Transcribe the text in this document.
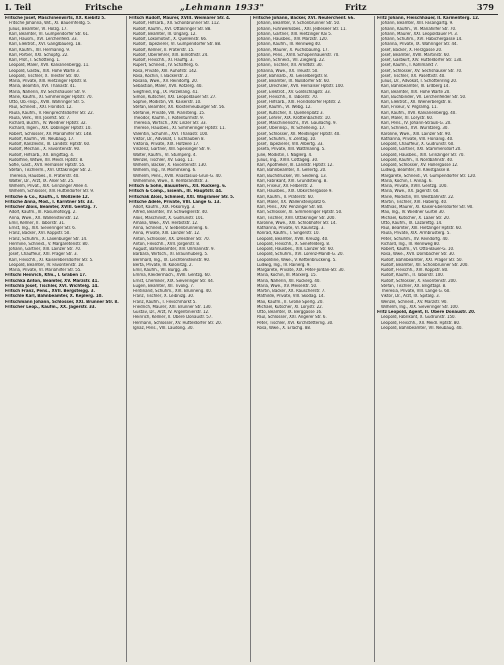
I. Teil	Fritsche	„Lehmann 1933"	Fritz	379
Fritsche Josef, Maschinenwirts, XX. Kiebitz 5.
Fritsche Johanna, Wit., XI. Bauernfeldg. 5.
Julius, Beamter, VI. Holzg. 17.
Karl, Beamter, VI. Gumpendorfer Str. 61.
Karl, Hausm., XVI. Lerchenfeld. 33.
Karl, Elektrot., XVI. Ganglbauerg. 18.
Karl, Kaufm., XII. Hermanng. 9.
Karl, Portier, XXI. Schöpfg. 22.
Karl, Prof., I. Schotteng. 1.
Leopold, Maler, XVII. Kalvarienbergg. 11.
Leopold, Gastw., XIX. Hohe Warte 3.
Leopold, Tischler, X. Triester Str. 40.
Maria, Private, XIII. Hietzinger Hptstr. 8.
Maria, Beamtin, XVI. Thaliastr. 41.
Maria, Näherin, XV. Sechshauser Str. 9.
Marie, Kaufm., XI. Simmeringer Hptstr. 70.
Otto, Ob.-Insp., XVIII. Währinger Str. 5.
Paul, Schneid., XXI. Floridsd. 12.
Paula, Kaufm., V. Reinprechtsdorfer Str. 22.
Paula, Verk., VIII. Josefst. Str. 7.
Richard, Buchh., IV. Wiedner Hptstr. 32.
Richard, Ingen., XIX. Döblinger Hptstr. 10.
Robert, Schlosser, XV. Mariahilfer Str. 148.
Rudolf, Kaufm., VII. Neubaug. 17.
Rudolf, Kanzleidir., III. Landstr. Hptstr. 60.
Rudolf, Mechan., X. Favoritenstr. 90.
Rudolf, Hilfsarb., XX. Brigittag. 4.
Rudolfine, Witwe, XII. Meidl. Hptstr. 8.
Sofie, Gast., XVII. Hernalser Hptstr. 55.
Stefan, Tischlerm., XVI. Ottakringer Str. 2.
Theresia, Hausbes., II. Praterstr. 40.
Walter, Dr., Arzt, IX. Alser Str. 25.
Wilhelm, Privat., XIX. Grinzinger Allee 4.
Wilhelm, Schlosser, XIV. Hütteldorfer Str. 9.
Fritsche & Co., Kaufh., I. Wollzeile 12.
Fritsche Anna, Mod., I. Kärntner Str. 33.
Fritscher Alois, Beamter, XVIII. Gentzg. 7.
Adolf, Kaufm., III. Rasumofskyg. 2.
Anna, Wwe., XX. Wallensteinstr. 12.
Emil, Kellner, II. Taborstr. 31.
Ernst, Ing., XIX. Sieveringer Str. 6.
Franz, Bäcker, XVI. Koppstr. 50.
Franz, Schuhm., X. Laxenburger Str. 14.
Hermine, Schneid., V. Margaretenstr. 80.
Johann, Gärtner, XIII. Lainzer Str. 70.
Josef, Chauffeur, XXI. Prager Str. 3.
Karl, Fleischh., XI. Kaiserebersdorfer Str. 5.
Leopold, Beamter, IV. Favoritenstr. 18.
Maria, Private, VI. Mariahilfer Str. 55.
Fritschi Heinrich, Kfm., I. Graben 17.
Fritschka Anton, Beamter, XV. Märzstr. 41.
Fritschla Josef, Tischler, XVI. Wichtelg. 14.
Fritsch Franz, Pens., XVII. Bergsteigg. 3.
Fritschle Karl, Bahnbeamter, X. Keplerg. 10.
Fritschmann Johann, Schlosser, XXI. Brünner Str. 8.
Fritscher Leop., Kaufm., XX. Jägerstr. 33.
Fritsch Rudolf, Maurer, XVIII. Weimarer Str. 4.
Rudolf, Hilfsarb., XII. Schönbrunner Str. 112.
Rudolf, Kaufm., XVI. Ottakringer Str. 88.
Rudolf, Beamter, III. Ungarg. 12.
Rudolf, Lokomotivf., X. Quellenstr. 66.
Rudolf, Tapezierer, VI. Gumpendorfer Str. 88.
Rudolf, Kellner, II. Praterstr. 15.
Rudolf, Oberlehrer, XIX. Billrothstr. 24.
Rudolf, Fleischh., XI. Hauffg. 3.
Rupert, Schneid., IV. Schäfferg. 6.
Rosa, Private, XIII. Auhofstr. 142.
Rosa, Köchin, I. Bäckerstr. 2.
Rosalia, Wwe., XV. Reindorfg. 20.
Sebastian, Maler, XVII. Rötzerg. 40.
Siegfried, Ing., IX. Porzellang. 41.
Simon, Kutscher, XXI. Leopoldauer Str. 27.
Sophie, Modistin, VII. Kaiserstr. 10.
Stefan, Beamter, XX. Klosterneuburger Str. 56.
Stefanie, Private, VIII. Piaristeng. 15.
Theodor, Kaufm., I. Rotenturmstr. 9.
Theresia, Wirtsch., XIV. Linzer Str. 33.
Therese, Hausbes., XI. Simmeringer Hptstr. 11.
Valentin, Schuhm., XVI. Thaliastr. 100.
Viktor, Dr., Advokat, I. Tuchlauben 8.
Viktoria, Private, XIX. Hofzeile 17.
Vinzenz, Gärtner, XIII. Speisinger Str. 9.
Walter, Kaufm., VI. Stumperg. 4.
Wenzel, Tischler, XV. Gasg. 11.
Wilhelm, Bäcker, X. Favoritenstr. 130.
Wilhelm, Ing., IV. Mommseng. 6.
Wilhelm, Pens., XVIII. Anastasius-Grün-G. 40.
Wilhelmine, Wwe., II. Rembrandtstr. 3.
Fritsch & Sohn, Bauuntern., XII. Ruckerg. 6.
Fritsch & Comp., Eisenh., III. Hauptstr. 44.
Fritschak Alois, Schmied, XXI. Wagramer Str. 5.
Fritsche Adele, Private, VIII. Lange G. 13.
Adolf, Kaufm., XIX. Pokornyg. 3.
Alfred, Beamter, XV. Schweglerstr. 40.
Alois, Maschinist, X. Gudrunstr. 101.
Amalia, Wwe., XVI. Herbststr. 12.
Anna, Schneid., V. Siebenbrunneng. 6.
Anna, Private, XIII. Lainzer Str. 12.
Anton, Schlosser, XX. Dresdner Str. 70.
Anton, Fleischh., XVII. Jörgerstr. 8.
August, Bahnbeamter, XIV. Ullmannstr. 9.
Barbara, Wirtsch., XI. Braunhuberg. 5.
Bernhard, Ing., IX. Liechtensteinstr. 90.
Berta, Private, III. Kolonitzg. 2.
Emil, Kaufm., VII. Burgg. 36.
Emma, Kleidermach., XVIII. Gentzg. 60.
Ernst, Chemiker, XIX. Sieveringer Str. 44.
Eugen, Beamter, XII. Tivolig. 7.
Ferdinand, Schuhm., XVI. Brunneng. 40.
Franz, Tischler, X. Leibnizg. 30.
Franz, Kaufm., I. Fleischmarkt 5.
Friedrich, Maurer, XXI. Brünner Str. 130.
Gustav, Dr., Arzt, IV. Argentinierstr. 12.
Heinrich, Kellner, II. Obere Donaustr. 57.
Hermann, Schlosser, XV. Hütteldorfer Str. 20.
Ignaz, Pens., VIII. Laudong. 30.
Fritsche Johann, Bäcker, XVI. Neulerchenf. 66.
Johann, Beamter, V. Schönbrunner Str. 50.
Johann, Fuhrwerksbes., XXI. Jedleseer Str. 11.
Johann, Gärtner, XIII. Hietzinger Kai 5.
Johann, Hausbes., XIV. Märzstr. 120.
Johann, Kaufm., III. Rennweg 40.
Johann, Maurer, X. Puchsbaumg. 17.
Johann, Pens., XVIII. Schopenhauerstr. 70.
Johann, Schneid., VII. Zieglerg. 22.
Johann, Tischler, XII. Arndtstr. 30.
Johanna, Wwe., XX. Treustr. 50.
Josef, Bahnarb., XI. Geiselbergstr. 8.
Josef, Beamter, IX. Nußdorfer Str. 60.
Josef, Drechsler, XVII. Hernalser Hptstr. 100.
Josef, Elektrot., XV. Goldschlagstr. 33.
Josef, Fleischh., II. Taborstr. 70.
Josef, Hilfsarb., XXI. Floridsdorfer Hptstr. 2.
Josef, Kaufm., VI. Webg. 12.
Josef, Kutscher, X. Quellenplatz 3.
Josef, Lehrer, XIX. Krottenbachstr. 10.
Josef, Maschinenschl., XVI. Gaullachg. 9.
Josef, Oberinsp., IV. Schelleing. 17.
Josef, Schlosser, XII. Meidlinger Hptstr. 40.
Josef, Schuhm., V. Zentag. 10.
Josef, Tapezierer, VIII. Albertg. 33.
Josefa, Private, XIII. Wattmanng. 5.
Julie, Modistin, I. Naglerg. 4.
Julius, Ing., XVIII. Cottageg. 30.
Karl, Apotheker, III. Landstr. Hptstr. 12.
Karl, Bahnbeamter, X. Gellertg. 20.
Karl, Buchdrucker, VII. Seideng. 13.
Karl, Fabrikant, XVI. Grundsteing. 8.
Karl, Friseur, XV. Felberstr. 2.
Karl, Hausbes., XIX. Obkirchergasse 9.
Karl, Kaufm., II. Praterstr. 60.
Karl, Maler, XX. Wallensteinplatz 6.
Karl, Pens., XIV. Penzinger Str. 80.
Karl, Schlosser, XI. Simmeringer Hptstr. 50.
Karl, Tischler, XVII. Ottakringer Str. 200.
Karoline, Wwe., XXI. Schloßhofer Str. 14.
Katharina, Private, VI. Kaunitzg. 3.
Konrad, Kaufm., I. Singerstr. 10.
Leopold, Beamter, XVIII. Kreuzg. 40.
Leopold, Fleischh., X. Senefelderg. 8.
Leopold, Hausbes., XIII. Lainzer Str. 60.
Leopold, Schuhm., XVI. Lorenz-Mandl-G. 20.
Leopoldine, Wwe., V. Kettenbrückeng. 5.
Ludwig, Ing., IV. Rainerg. 9.
Margarete, Private, XIX. Peter-Jordan-Str. 30.
Maria, Köchin, III. Marxerg. 15.
Maria, Näherin, XII. Ruckerg. 40.
Maria, Wwe., XV. Meiselstr. 50.
Martin, Bäcker, XX. Rauscherstr. 7.
Mathilde, Private, VIII. Skodag. 14.
Max, Kaufm., II. Große Sperlg. 20.
Michael, Kutscher, XI. Lorystr. 22.
Otto, Beamter, IX. Berggasse 16.
Paul, Schlosser, XXI. Angerer Str. 6.
Peter, Tischler, XVI. Kirchstetterng. 30.
Rosa, Wwe., X. Erlachg. 88.
Fritz Johann, Fleischhauer, II. Karmeliterg. 12.
Johann, Beamter, XIII. Fasangartg. 9.
Johann, Kaufm., VI. Mariahilfer Str. 70.
Johann, Maurer, XXI. Leopoldauer Pl. 3.
Johann, Schuhm., XVI. Habichergasse 14.
Johanna, Private, IX. Währinger Str. 44.
Josef, Bäcker, X. Herzgasse 20.
Josef, Beamter, XVIII. Martinstr. 60.
Josef, Gastwirt, XIV. Hütteldorfer Str. 130.
Josef, Kaufm., I. Kohlmarkt 7.
Josef, Schlosser, XV. Sechshauser Str. 70.
Josef, Tischler, XX. Pasettistr. 40.
Julius, Dr., Advokat, I. Schottenring 20.
Karl, Bahnbeamter, III. Erdberg 14.
Karl, Beamter, XIX. Hohe Warte 20.
Karl, Buchbinder, VII. Lerchenfelder Str. 50.
Karl, Elektrot., XII. Wienerbergstr. 8.
Karl, Friseur, V. Pilgramg. 11.
Karl, Kaufm., XVII. Kalvarienbergg. 40.
Karl, Maler, XI. Lorystr. 60.
Karl, Pens., IV. Johann-Strauß-G. 20.
Karl, Schneid., XVI. Wurlitzerg. 30.
Karoline, Wwe., XIII. Lainzer Str. 90.
Katharina, Private, VIII. Florianig. 40.
Leopold, Chauffeur, X. Gudrunstr. 60.
Leopold, Gärtner, XXI. Stammersdorf 20.
Leopold, Hausbes., XIX. Grinzinger Str. 70.
Leopold, Kaufm., II. Nordbahnstr. 40.
Leopold, Schlosser, XV. Hollergasse 12.
Ludwig, Beamter, III. Kleistgasse 8.
Margarete, Schneid., VI. Gumpendorfer Str. 120.
Maria, Köchin, I. Annag. 6.
Maria, Private, XVIII. Gentzg. 100.
Maria, Wwe., XX. Jägerstr. 60.
Marie, Modistin, VII. Westbahnstr. 22.
Martin, Tischler, XVI. Haberlg. 40.
Mathias, Maurer, XI. Kaiser-Ebersdorfer Str. 90.
Max, Ing., IV. Wiedner Gürtel 30.
Michael, Kutscher, X. Laaer Str. 20.
Otto, Kaufm., IX. Lazarettg. 14.
Paul, Beamter, XIII. Hietzinger Hptstr. 60.
Paula, Private, XIX. Armbrusterg. 5.
Peter, Schuhm., XV. Reindorfg. 40.
Richard, Ing., III. Rennweg 80.
Robert, Kaufm., VI. Otto-Bauer-G. 10.
Rosa, Wwe., XVII. Dornbacher Str. 30.
Rudolf, Bahnbeamter, XXI. Prager Str. 50.
Rudolf, Beamter, XII. Schönbrunner Str. 200.
Rudolf, Fleischh., XVI. Koppstr. 80.
Rudolf, Kaufm., II. Taborstr. 100.
Rudolf, Schlosser, X. Favoritenstr. 200.
Stefan, Tischler, XX. Brigittapl. 8.
Theresia, Private, VIII. Lange G. 60.
Viktor, Dr., Arzt, IX. Spitalg. 3.
Wenzel, Schneid., XV. Märzstr. 90.
Wilhelm, Ing., XIX. Sieveringer Str. 100.
Fritz Leopold, Agent, II. Obere Donaustr. 20.
Leopold, Fabrikant, X. Gudrunstr. 150.
Leopold, Fleischh., XII. Meidl. Hptstr. 80.
Leopold, Bahnbeamter, VII. Neubaug. 40.
